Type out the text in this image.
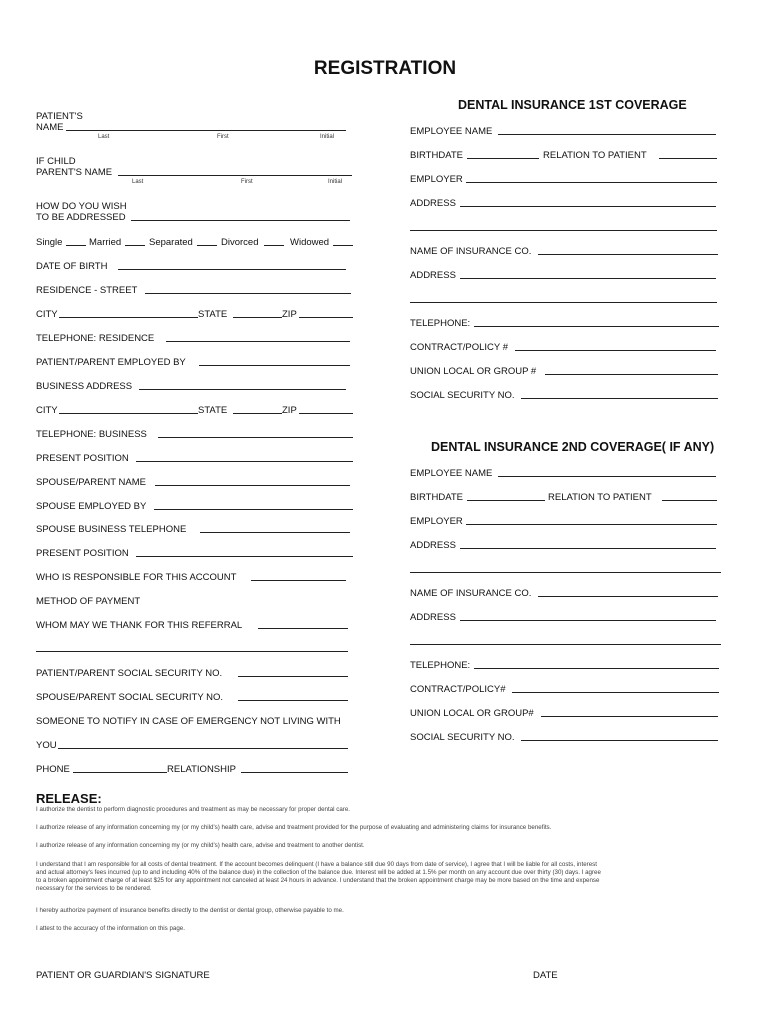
REGISTRATION
PATIENT'S
NAME
Last	First	Initial
IF CHILD
PARENT'S NAME
Last	First	Initial
HOW DO YOU WISH
TO BE ADDRESSED
Single	Married	Separated	Divorced	Widowed
DATE OF BIRTH
RESIDENCE - STREET
CITY	STATE	ZIP
TELEPHONE: RESIDENCE
PATIENT/PARENT EMPLOYED BY
BUSINESS ADDRESS
CITY	STATE	ZIP
TELEPHONE: BUSINESS
PRESENT POSITION
SPOUSE/PARENT NAME
SPOUSE EMPLOYED BY
SPOUSE BUSINESS TELEPHONE
PRESENT POSITION
WHO IS RESPONSIBLE FOR THIS ACCOUNT
METHOD OF PAYMENT
WHOM MAY WE THANK FOR THIS REFERRAL
PATIENT/PARENT SOCIAL SECURITY NO.
SPOUSE/PARENT SOCIAL SECURITY NO.
SOMEONE TO NOTIFY IN CASE OF EMERGENCY NOT LIVING WITH
YOU
PHONE	RELATIONSHIP
DENTAL INSURANCE 1ST COVERAGE
EMPLOYEE NAME
BIRTHDATE	RELATION TO PATIENT
EMPLOYER
ADDRESS
NAME OF INSURANCE CO.
ADDRESS
TELEPHONE:
CONTRACT/POLICY #
UNION LOCAL OR GROUP #
SOCIAL SECURITY NO.
DENTAL INSURANCE 2ND COVERAGE( IF ANY)
EMPLOYEE NAME
BIRTHDATE	RELATION TO PATIENT
EMPLOYER
ADDRESS
NAME OF INSURANCE CO.
ADDRESS
TELEPHONE:
CONTRACT/POLICY#
UNION LOCAL OR GROUP#
SOCIAL SECURITY NO.
RELEASE:
I authorize the dentist to perform diagnostic procedures and treatment as may be necessary for proper dental care.
I authorize release of any information concerning my (or my child's) health care, advise and treatment provided for the purpose of evaluating and administering claims for insurance benefits.
I authorize release of any information concerning my (or my child's) health care, advise and treatment to another dentist.
I understand that I am responsible for all costs of dental treatment. If the account becomes delinquent (I have a balance still due 90 days from date of service), I agree that I will be liable for all costs, interest
and actual attorney's fees incurred (up to and including 40% of the balance due) in the collection of the balance due. Interest will be added at 1.5% per month on any account due over thirty (30) days. I agree
to a broken appointment charge of at least $25 for any appointment not canceled at least 24 hours in advance. I understand that the broken appointment charge may be more based on the time and expense
necessary for the services to be rendered.
I hereby authorize payment of insurance benefits directly to the dentist or dental group, otherwise payable to me.
I attest to the accuracy of the information on this page.
PATIENT OR GUARDIAN'S SIGNATURE	DATE
